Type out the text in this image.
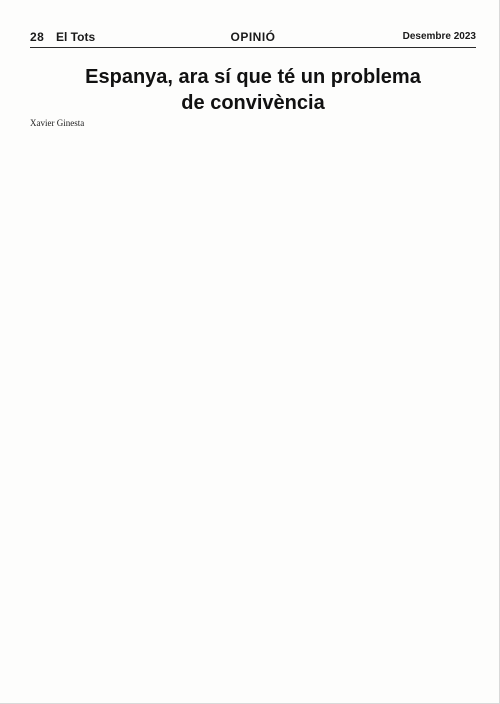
28 El Tots	OPINIÓ	Desembre 2023
Espanya, ara sí que té un problema
de convivència
Xavier Ginesta
